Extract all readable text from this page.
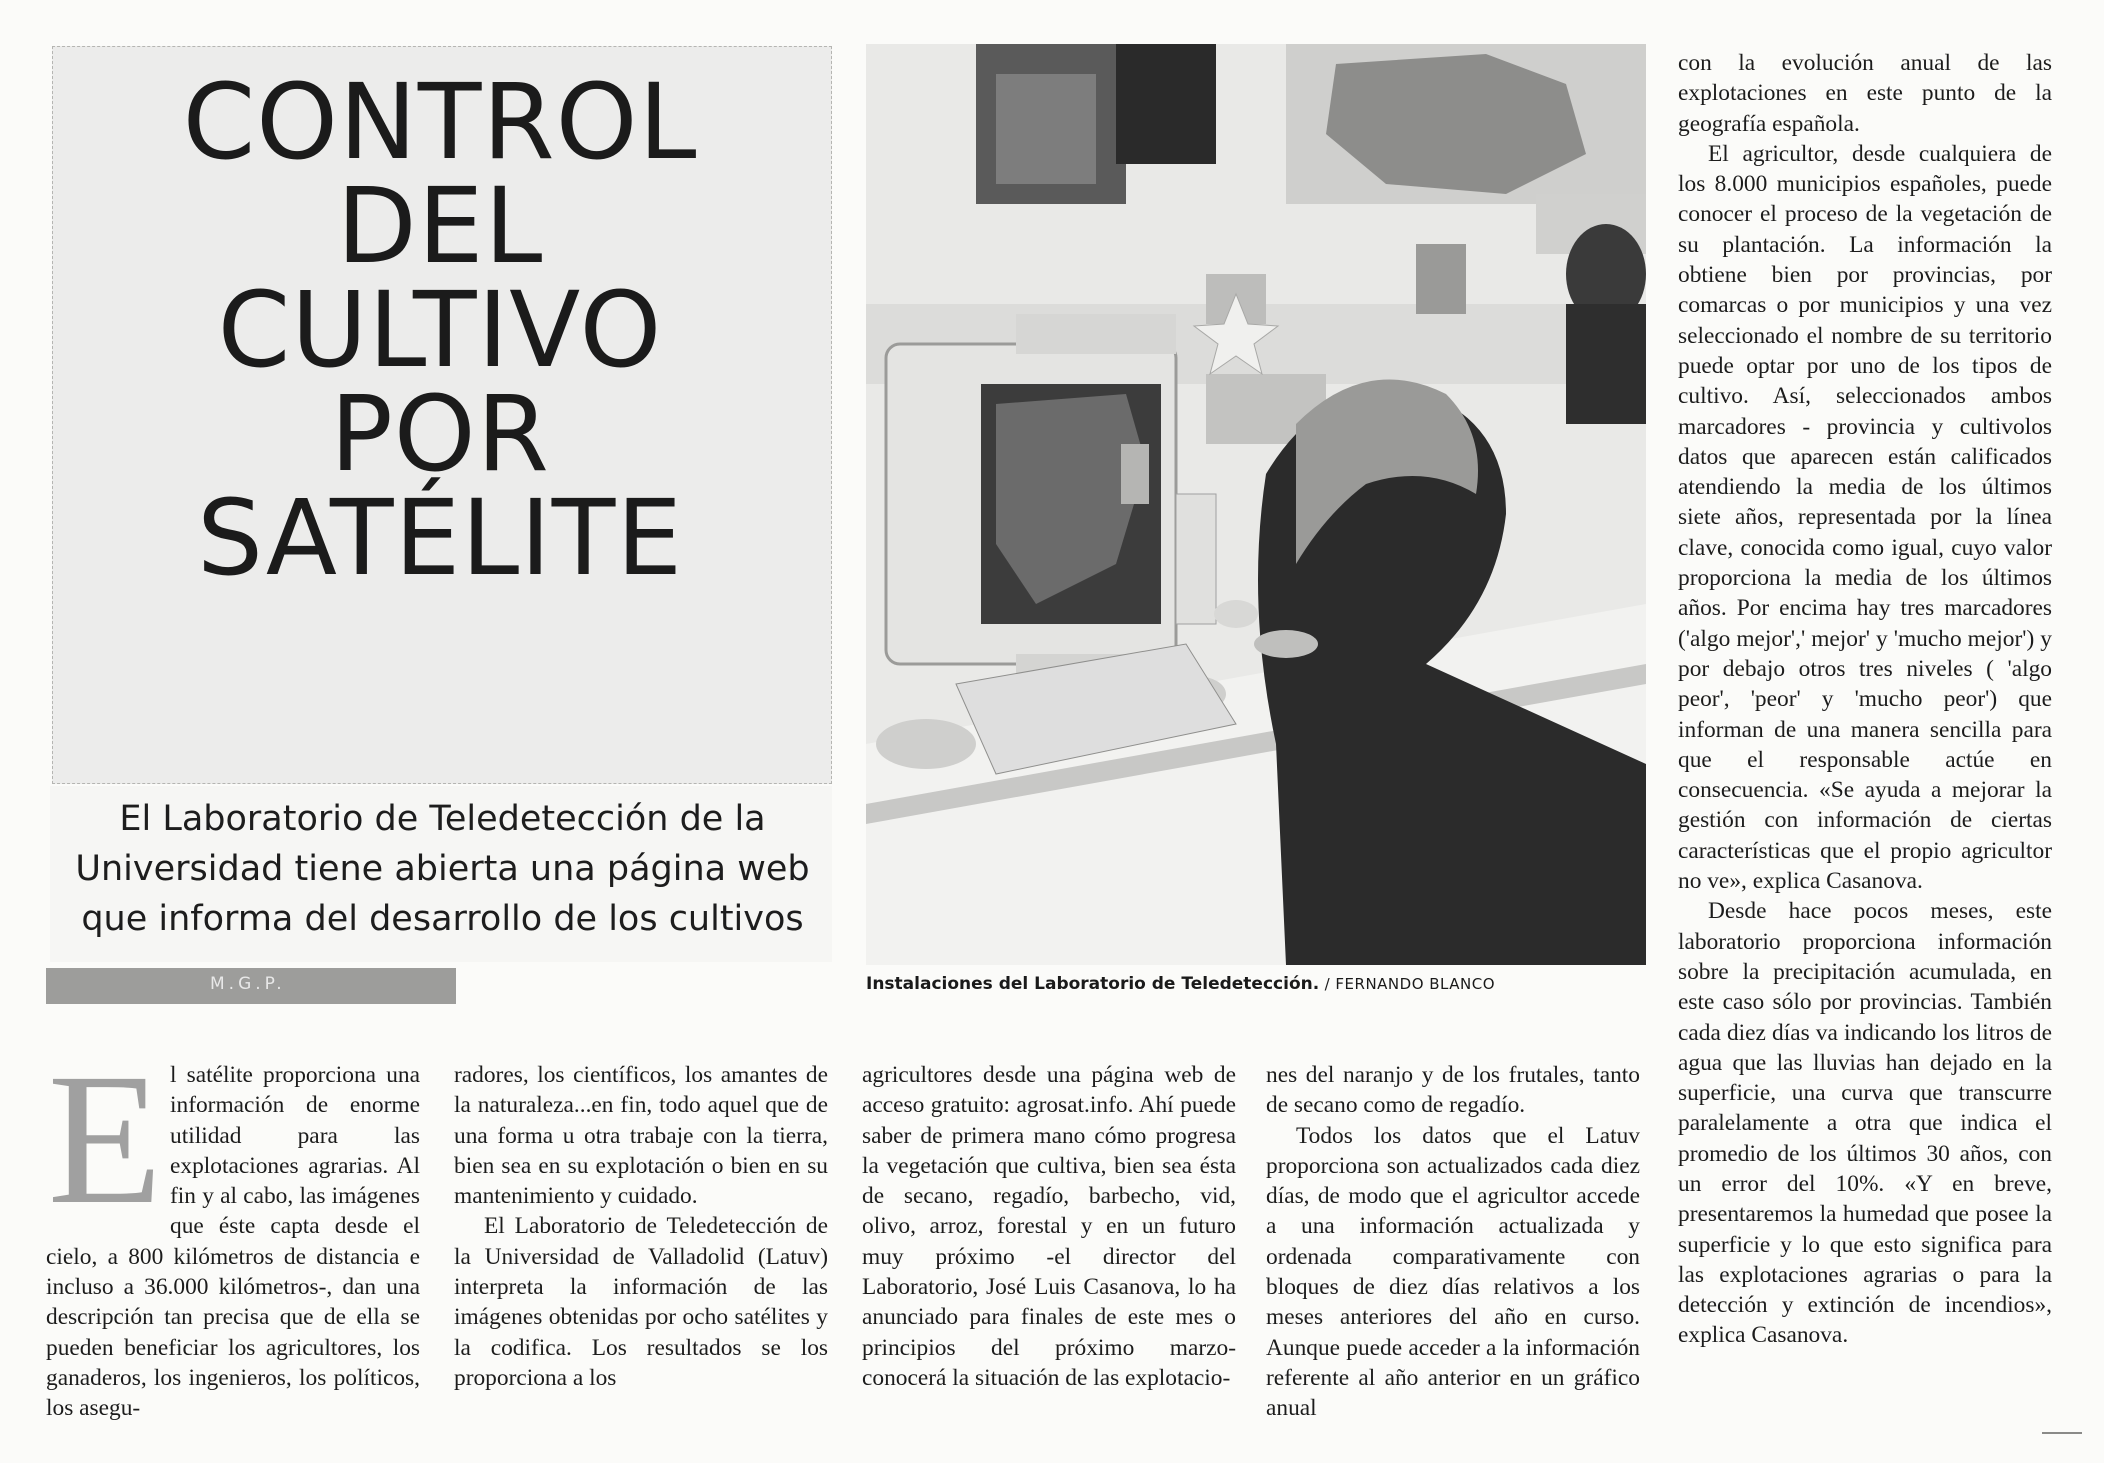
CONTROL
DEL
CULTIVO
POR
SATÉLITE
El Laboratorio de Teledetección de la Universidad tiene abierta una página web que informa del desarrollo de los cultivos
M.G.P.	Instalaciones del Laboratorio de Teledetección. / FERNANDO BLANCO
E l satélite proporciona una información de enorme utilidad para las explotaciones agrarias. Al fin y al cabo, las imágenes que éste capta desde el cielo, a 800 kilómetros de distancia e incluso a 36.000 kilómetros-, dan una descripción tan precisa que de ella se pueden beneficiar los agricultores, los ganaderos, los ingenieros, los políticos, los asegu-

radores, los científicos, los amantes de la naturaleza...en fin, todo aquel que de una forma u otra trabaje con la tierra, bien sea en su explotación o bien en su mantenimiento y cuidado.

El Laboratorio de Teledetección de la Universidad de Valladolid (Latuv) interpreta la información de las imágenes obtenidas por ocho satélites y la codifica. Los resultados se los proporciona a los

agricultores desde una página web de acceso gratuito: agrosat.info. Ahí puede saber de primera mano cómo progresa la vegetación que cultiva, bien sea ésta de secano, regadío, barbecho, vid, olivo, arroz, forestal y en un futuro muy próximo -el director del Laboratorio, José Luis Casanova, lo ha anunciado para finales de este mes o principios del próximo marzo- conocerá la situación de las explotacio-

nes del naranjo y de los frutales, tanto de secano como de regadío.

Todos los datos que el Latuv proporciona son actualizados cada diez días, de modo que el agricultor accede a una información actualizada y ordenada comparativamente con bloques de diez días relativos a los meses anteriores del año en curso. Aunque puede acceder a la información referente al año anterior en un gráfico anual

con la evolución anual de las explotaciones en este punto de la geografía española.

El agricultor, desde cualquiera de los 8.000 municipios españoles, puede conocer el proceso de la vegetación de su plantación. La información la obtiene bien por provincias, por comarcas o por municipios y una vez seleccionado el nombre de su territorio puede optar por uno de los tipos de cultivo. Así, seleccionados ambos marcadores - provincia y cultivolos datos que aparecen están calificados atendiendo la media de los últimos siete años, representada por la línea clave, conocida como igual, cuyo valor proporciona la media de los últimos años. Por encima hay tres marcadores ('algo mejor',' mejor' y 'mucho mejor') y por debajo otros tres niveles ( 'algo peor', 'peor' y 'mucho peor') que informan de una manera sencilla para que el responsable actúe en consecuencia. «Se ayuda a mejorar la gestión con información de ciertas características que el propio agricultor no ve», explica Casanova.

Desde hace pocos meses, este laboratorio proporciona información sobre la precipitación acumulada, en este caso sólo por provincias. También cada diez días va indicando los litros de agua que las lluvias han dejado en la superficie, una curva que transcurre paralelamente a otra que indica el promedio de los últimos 30 años, con un error del 10%. «Y en breve, presentaremos la humedad que posee la superficie y lo que esto significa para las explotaciones agrarias o para la detección y extinción de incendios», explica Casanova.
